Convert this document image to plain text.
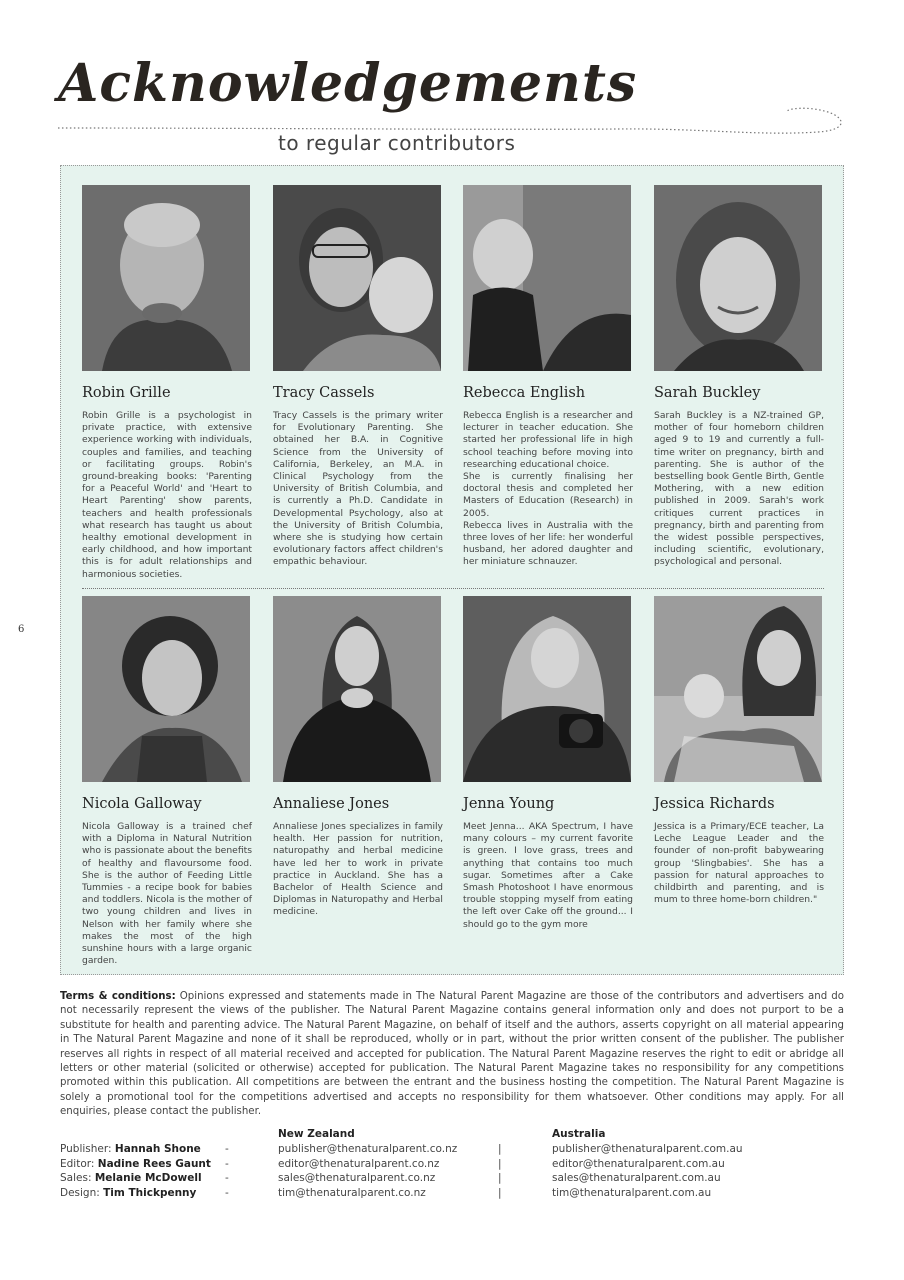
Acknowledgements
to regular contributors
6
Robin Grille

Robin Grille is a psychologist in private practice, with extensive experience working with individuals, couples and families, and teaching or facilitating groups. Robin's ground-breaking books: 'Parenting for a Peaceful World' and 'Heart to Heart Parenting' show parents, teachers and health professionals what research has taught us about healthy emotional development in early childhood, and how important this is for adult relationships and harmonious societies.

Tracy Cassels

Tracy Cassels is the primary writer for Evolutionary Parenting. She obtained her B.A. in Cognitive Science from the University of California, Berkeley, an M.A. in Clinical Psychology from the University of British Columbia, and is currently a Ph.D. Candidate in Developmental Psychology, also at the University of British Columbia, where she is studying how certain evolutionary factors affect children's empathic behaviour.

Rebecca English

Rebecca English is a researcher and lecturer in teacher education. She started her professional life in high school teaching before moving into researching educational choice.

She is currently finalising her doctoral thesis and completed her Masters of Education (Research) in 2005.

Rebecca lives in Australia with the three loves of her life: her wonderful husband, her adored daughter and her miniature schnauzer.

Sarah Buckley

Sarah Buckley is a NZ-trained GP, mother of four homeborn children aged 9 to 19 and currently a full-time writer on pregnancy, birth and parenting. She is author of the bestselling book Gentle Birth, Gentle Mothering, with a new edition published in 2009. Sarah's work critiques current practices in pregnancy, birth and parenting from the widest possible perspectives, including scientific, evolutionary, psychological and personal.

Nicola Galloway

Nicola Galloway is a trained chef with a Diploma in Natural Nutrition who is passionate about the benefits of healthy and flavoursome food. She is the author of Feeding Little Tummies - a recipe book for babies and toddlers. Nicola is the mother of two young children and lives in Nelson with her family where she makes the most of the high sunshine hours with a large organic garden.

Annaliese Jones

Annaliese Jones specializes in family health. Her passion for nutrition, naturopathy and herbal medicine have led her to work in private practice in Auckland. She has a Bachelor of Health Science and Diplomas in Naturopathy and Herbal medicine.

Jenna Young

Meet Jenna... AKA Spectrum, I have many colours – my current favorite is green. I love grass, trees and anything that contains too much sugar. Sometimes after a Cake Smash Photoshoot I have enormous trouble stopping myself from eating the left over Cake off the ground... I should go to the gym more

Jessica Richards

Jessica is a Primary/ECE teacher, La Leche League Leader and the founder of non-profit babywearing group 'Slingbabies'. She has a passion for natural approaches to childbirth and parenting, and is mum to three home-born children."

Terms & conditions: Opinions expressed and statements made in The Natural Parent Magazine are those of the contributors and advertisers and do not necessarily represent the views of the publisher. The Natural Parent Magazine contains general information only and does not purport to be a substitute for health and parenting advice. The Natural Parent Magazine, on behalf of itself and the authors, asserts copyright on all material appearing in The Natural Parent Magazine and none of it shall be reproduced, wholly or in part, without the prior written consent of the publisher. The publisher reserves all rights in respect of all material received and accepted for publication. The Natural Parent Magazine reserves the right to edit or abridge all letters or other material (solicited or otherwise) accepted for publication. The Natural Parent Magazine takes no responsibility for any competitions promoted within this publication. All competitions are between the entrant and the business hosting the competition. The Natural Parent Magazine is solely a promotional tool for the competitions advertised and accepts no responsibility for them whatsoever. Other conditions may apply. For all enquiries, please contact the publisher.
New Zealand	Australia
Publisher: Hannah Shone -	publisher@thenaturalparent.co.nz	|	publisher@thenaturalparent.com.au
Editor: Nadine Rees Gaunt -	editor@thenaturalparent.co.nz	|	editor@thenaturalparent.com.au
Sales: Melanie McDowell -	sales@thenaturalparent.co.nz	|	sales@thenaturalparent.com.au
Design: Tim Thickpenny	-	tim@thenaturalparent.co.nz	|	tim@thenaturalparent.com.au
